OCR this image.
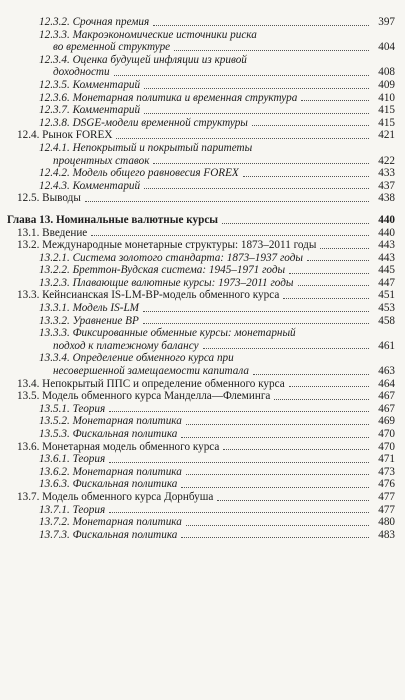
12.3.2. Срочная премия	397
12.3.3. Макроэкономические источники риска
во временной структуре	404
12.3.4. Оценка будущей инфляции из кривой
доходности	408
12.3.5. Комментарий	409
12.3.6. Монетарная политика и временная структура	410
12.3.7. Комментарий	415
12.3.8. DSGE-модели временной структуры	415
12.4. Рынок FOREX	421
12.4.1. Непокрытый и покрытый паритеты
процентных ставок	422
12.4.2. Модель общего равновесия FOREX	433
12.4.3. Комментарий	437
12.5. Выводы	438
Глава 13. Номинальные валютные курсы	440
13.1. Введение	440
13.2. Международные монетарные структуры: 1873–2011 годы	443
13.2.1. Система золотого стандарта: 1873–1937 годы	443
13.2.2. Бреттон-Вудская система: 1945–1971 годы	445
13.2.3. Плавающие валютные курсы: 1973–2011 годы	447
13.3. Кейнсианская IS-LM-BP-модель обменного курса	451
13.3.1. Модель IS-LM	453
13.3.2. Уравнение BP	458
13.3.3. Фиксированные обменные курсы: монетарный
подход к платежному балансу	461
13.3.4. Определение обменного курса при
несовершенной замещаемости капитала	463
13.4. Непокрытый ППС и определение обменного курса	464
13.5. Модель обменного курса Манделла—Флеминга	467
13.5.1. Теория	467
13.5.2. Монетарная политика	469
13.5.3. Фискальная политика	470
13.6. Монетарная модель обменного курса	470
13.6.1. Теория	471
13.6.2. Монетарная политика	473
13.6.3. Фискальная политика	476
13.7. Модель обменного курса Дорнбуша	477
13.7.1. Теория	477
13.7.2. Монетарная политика	480
13.7.3. Фискальная политика	483
